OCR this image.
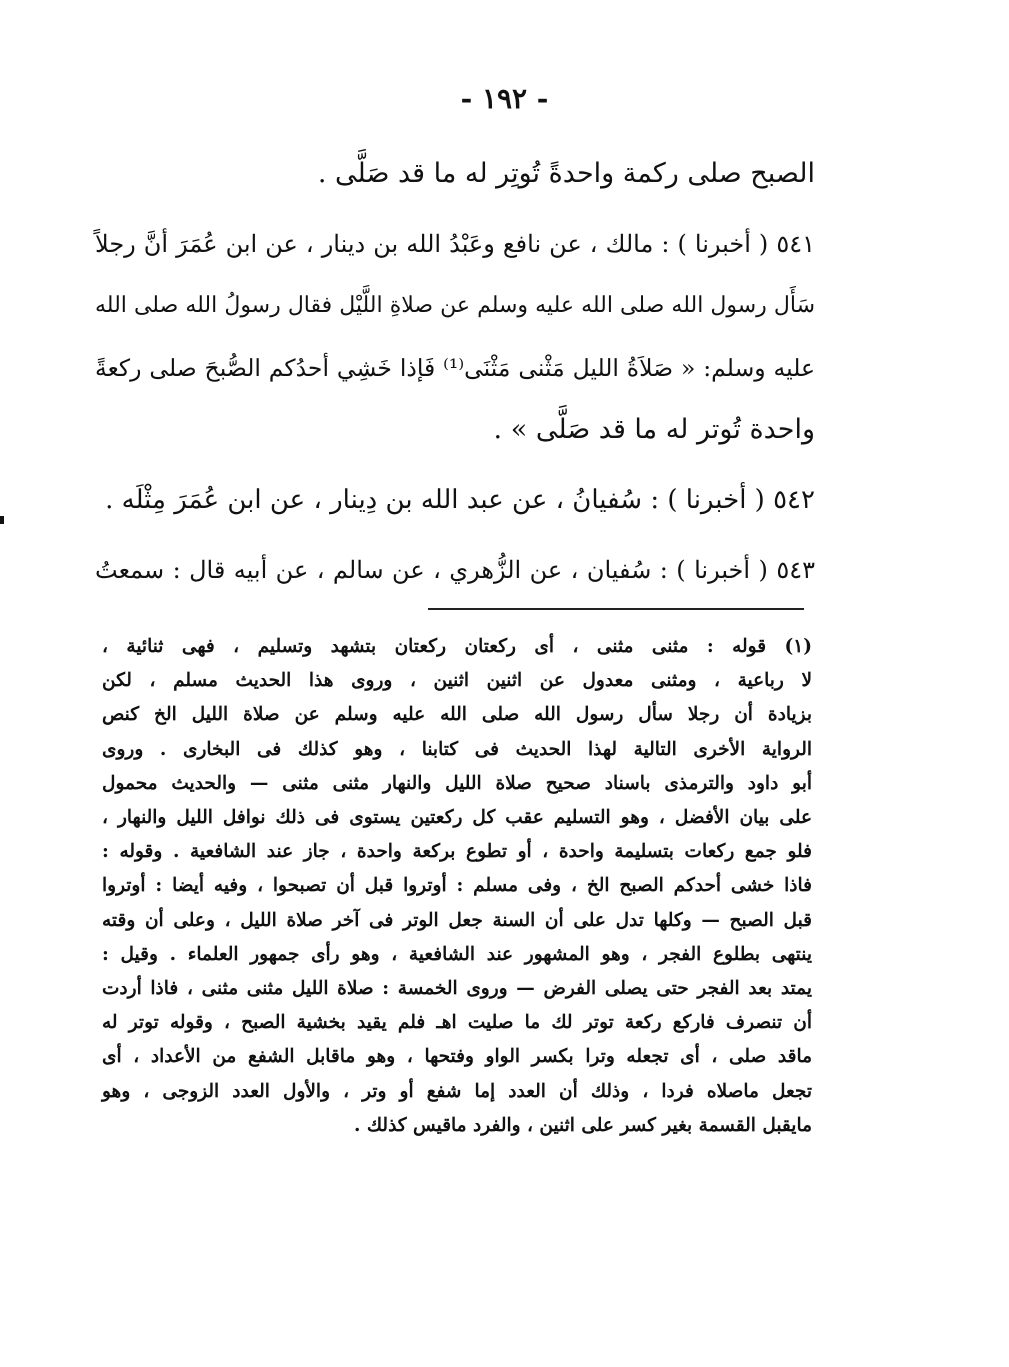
- ١٩٢ -

الصبح صلى ركمة واحدةً تُوتِر له ما قد صَلَّى .

٥٤١ ( أخبرنا ) : مالك ، عن نافع وعَبْدُ الله بن دينار ، عن ابن عُمَرَ أنَّ رجلاً

سَأَل رسول الله صلى الله عليه وسلم عن صلاةِ اللَّيْل فقال رسولُ الله صلى الله

عليه وسلم: « صَلاَةُ الليل مَثْنى مَثْنَى⁽¹⁾ فَإذا خَشِي أحدُكم الصُّبحَ صلى ركعةً

واحدة تُوتر له ما قد صَلَّى » .

٥٤٢ ( أخبرنا ) : سُفيانُ ، عن عبد الله بن دِينار ، عن ابن عُمَرَ مِثْلَه .

٥٤٣ ( أخبرنا ) : سُفيان ، عن الزُّهري ، عن سالم ، عن أبيه قال : سمعتُ

(١) قوله : مثنى مثنى ، أى ركعتان ركعتان بتشهد وتسليم ، فهى ثنائية ،

لا رباعية ، ومثنى معدول عن اثنين اثنين ، وروى هذا الحديث مسلم ، لكن

بزيادة أن رجلا سأل رسول الله صلى الله عليه وسلم عن صلاة الليل الخ كنص

الرواية الأخرى التالية لهذا الحديث فى كتابنا ، وهو كذلك فى البخارى . وروى

أبو داود والترمذى باسناد صحيح صلاة الليل والنهار مثنى مثنى — والحديث محمول

على بيان الأفضل ، وهو التسليم عقب كل ركعتين يستوى فى ذلك نوافل الليل والنهار ،

فلو جمع ركعات بتسليمة واحدة ، أو تطوع بركعة واحدة ، جاز عند الشافعية . وقوله :

فاذا خشى أحدكم الصبح الخ ، وفى مسلم : أوتروا قبل أن تصبحوا ، وفيه أيضا : أوتروا

قبل الصبح — وكلها تدل على أن السنة جعل الوتر فى آخر صلاة الليل ، وعلى أن وقته

ينتهى بطلوع الفجر ، وهو المشهور عند الشافعية ، وهو رأى جمهور العلماء . وقيل :

يمتد بعد الفجر حتى يصلى الفرض — وروى الخمسة : صلاة الليل مثنى مثنى ، فاذا أردت

أن تنصرف فاركع ركعة توتر لك ما صليت اهـ فلم يقيد بخشية الصبح ، وقوله توتر له

ماقد صلى ، أى تجعله وترا بكسر الواو وفتحها ، وهو ماقابل الشفع من الأعداد ، أى

تجعل ماصلاه فردا ، وذلك أن العدد إما شفع أو وتر ، والأول العدد الزوجى ، وهو

مايقبل القسمة بغير كسر على اثنين ، والفرد ماقيس كذلك .
